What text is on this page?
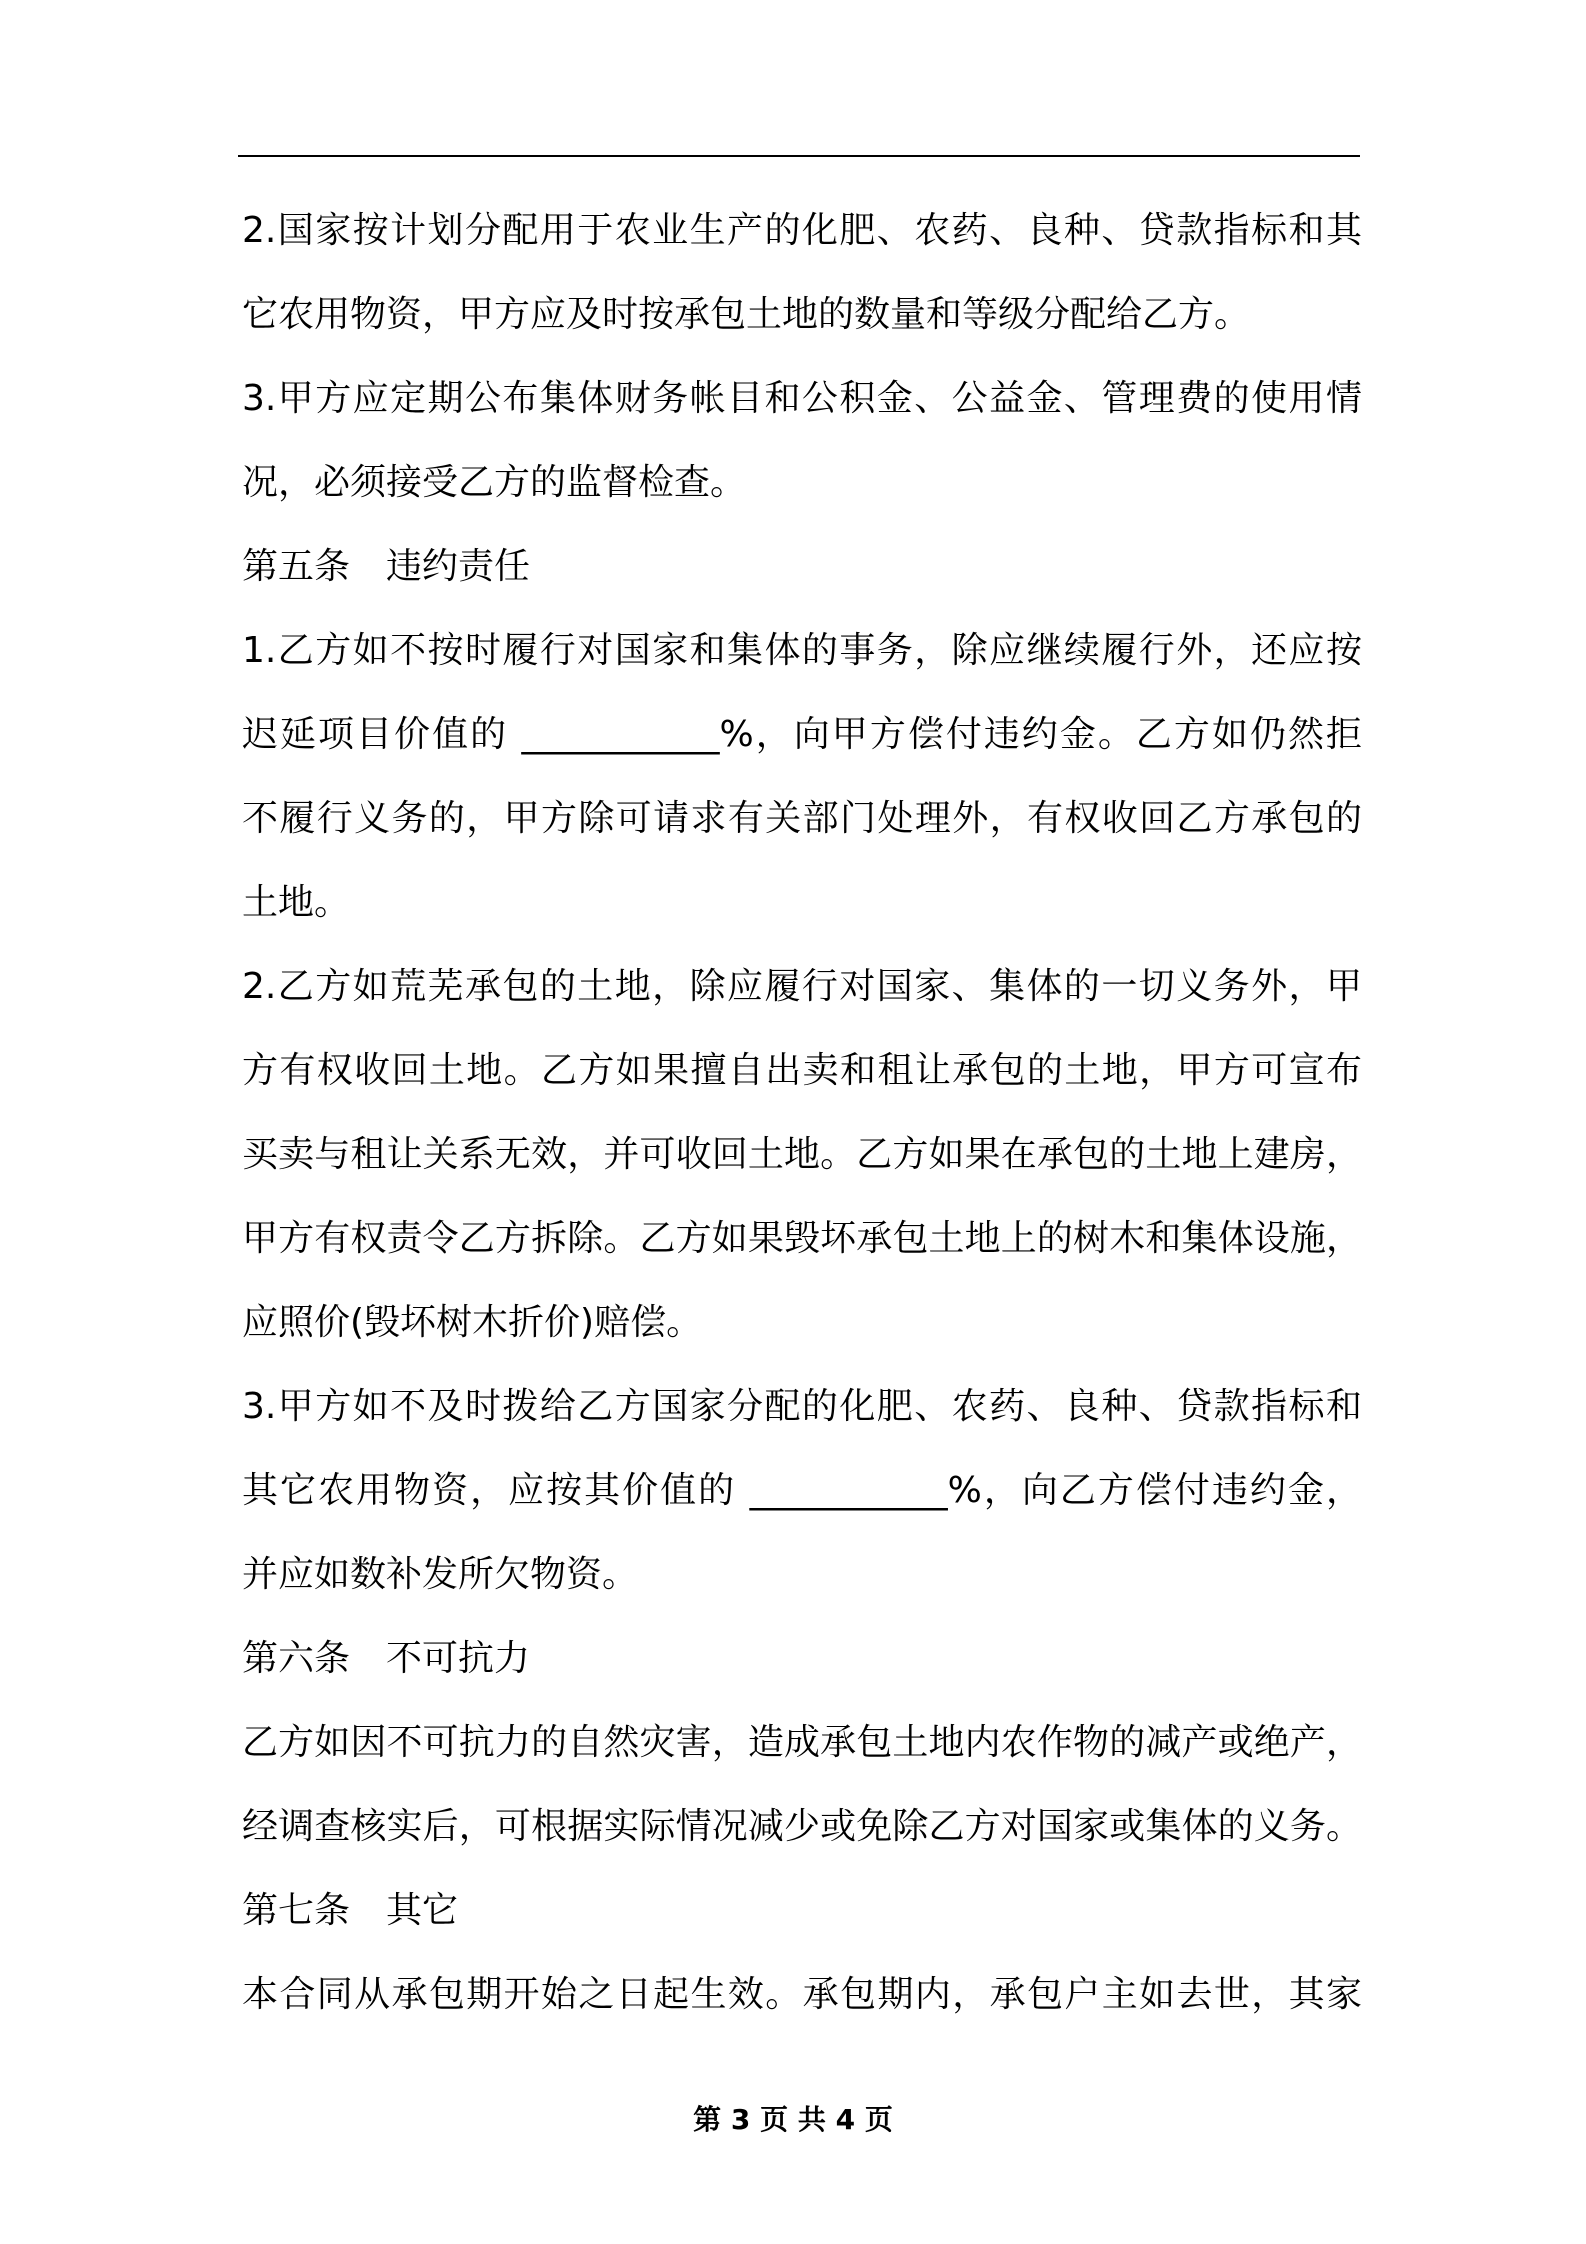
2.国家按计划分配用于农业生产的化肥、农药、良种、贷款指标和其
它农用物资，甲方应及时按承包土地的数量和等级分配给乙方。
3.甲方应定期公布集体财务帐目和公积金、公益金、管理费的使用情
况，必须接受乙方的监督检查。
第五条　违约责任
1.乙方如不按时履行对国家和集体的事务，除应继续履行外，还应按
迟延项目价值的 ___________%，向甲方偿付违约金。乙方如仍然拒
不履行义务的，甲方除可请求有关部门处理外，有权收回乙方承包的
土地。
2.乙方如荒芜承包的土地，除应履行对国家、集体的一切义务外，甲
方有权收回土地。乙方如果擅自出卖和租让承包的土地，甲方可宣布
买卖与租让关系无效，并可收回土地。乙方如果在承包的土地上建房，
甲方有权责令乙方拆除。乙方如果毁坏承包土地上的树木和集体设施，
应照价(毁坏树木折价)赔偿。
3.甲方如不及时拨给乙方国家分配的化肥、农药、良种、贷款指标和
其它农用物资，应按其价值的 ___________%，向乙方偿付违约金，
并应如数补发所欠物资。
第六条　不可抗力
乙方如因不可抗力的自然灾害，造成承包土地内农作物的减产或绝产，
经调查核实后，可根据实际情况减少或免除乙方对国家或集体的义务。
第七条　其它
本合同从承包期开始之日起生效。承包期内，承包户主如去世，其家
第 3 页 共 4 页
